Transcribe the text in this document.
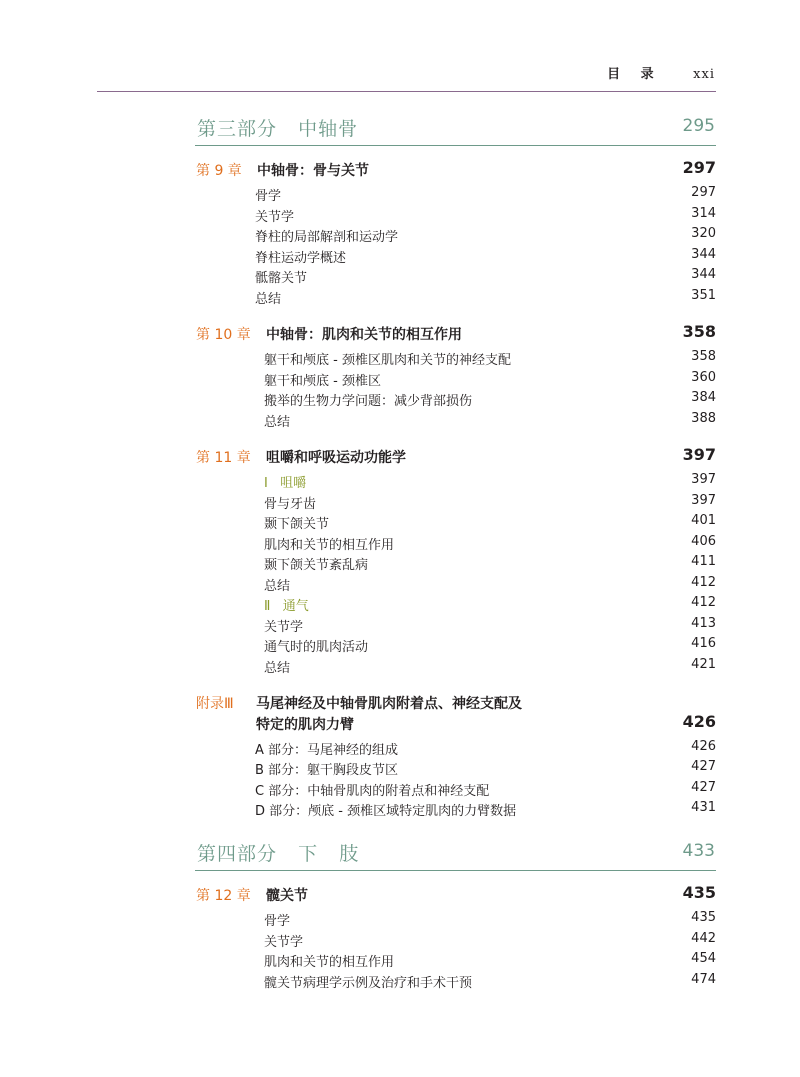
目 录 xxi
第三部分   中轴骨	295
第 9 章 中轴骨：骨与关节	297
骨学	297
关节学	314
脊柱的局部解剖和运动学	320
脊柱运动学概述	344
骶髂关节	344
总结	351
第 10 章 中轴骨：肌肉和关节的相互作用	358
躯干和颅底 - 颈椎区肌肉和关节的神经支配	358
躯干和颅底 - 颈椎区	360
搬举的生物力学问题：减少背部损伤	384
总结	388
第 11 章 咀嚼和呼吸运动功能学	397
Ⅰ   咀嚼	397
骨与牙齿	397
颞下颌关节	401
肌肉和关节的相互作用	406
颞下颌关节紊乱病	411
总结	412
Ⅱ   通气	412
关节学	413
通气时的肌肉活动	416
总结	421
附录Ⅲ 马尾神经及中轴骨肌肉附着点、神经支配及
特定的肌肉力臂	426
A 部分：马尾神经的组成	426
B 部分：躯干胸段皮节区	427
C 部分：中轴骨肌肉的附着点和神经支配	427
D 部分：颅底 - 颈椎区域特定肌肉的力臂数据	431
第四部分   下   肢	433
第 12 章 髋关节	435
骨学	435
关节学	442
肌肉和关节的相互作用	454
髋关节病理学示例及治疗和手术干预	474
